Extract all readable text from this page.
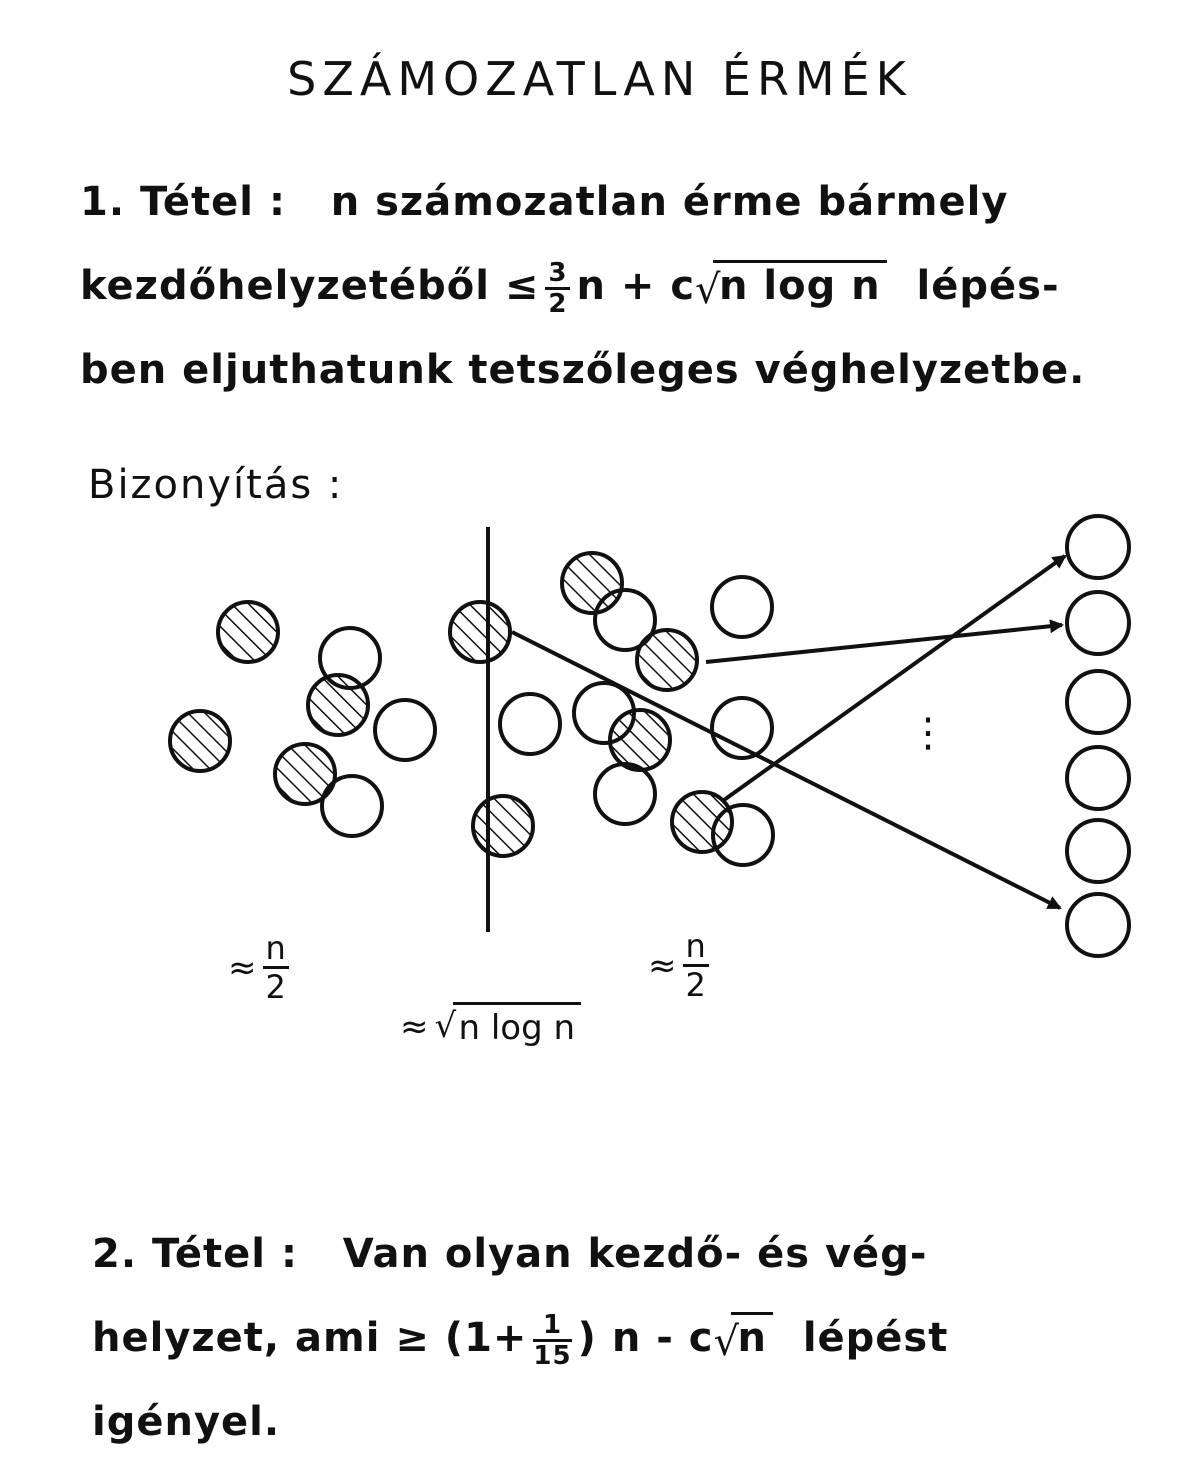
SZÁMOZATLAN ÉRMÉK
1. Tétel : n számozatlan érme bármely
kezdőhelyzetéből ≤ $\frac{3}{2}$ n + c √
n log n lépés-
ben eljuthatunk tetszőleges véghelyzetbe.
Bizonyítás :
⋮
≈ $\frac{n}{2}$
≈ √ n log n
≈ $\frac{n}{2}$
2. Tétel : Van olyan kezdő- és vég-
helyzet, ami ≥ ($1+ \frac{1}{15}$ ) n - c √
n lépést
igényel.
